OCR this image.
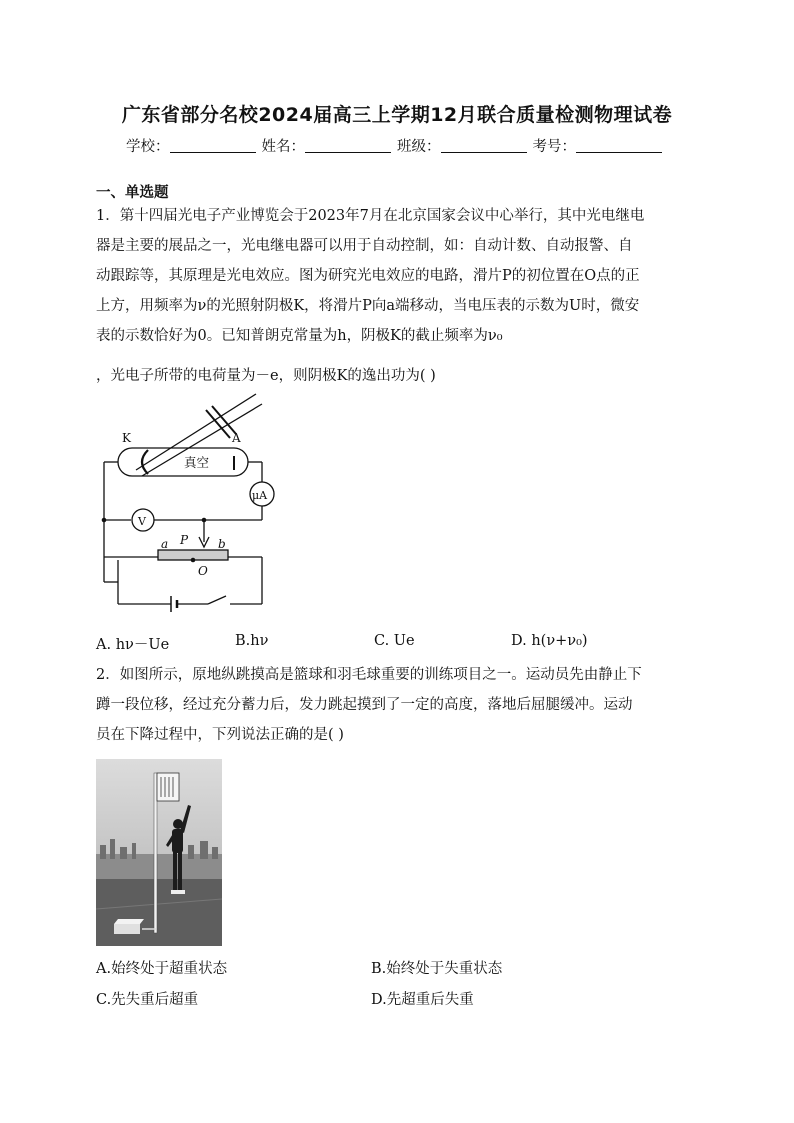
广东省部分名校2024届高三上学期12月联合质量检测物理试卷
学校：	姓名：	班级：	考号：
一、单选题
1．第十四届光电子产业博览会于2023年7月在北京国家会议中心举行，其中光电继电
器是主要的展品之一，光电继电器可以用于自动控制，如：自动计数、自动报警、自
动跟踪等，其原理是光电效应。图为研究光电效应的电路，滑片P的初位置在O点的正
上方，用频率为ν的光照射阴极K，将滑片P向a端移动，当电压表的示数为U时，微安
表的示数恰好为0。已知普朗克常量为h，阴极K的截止频率为ν₀
，光电子所带的电荷量为－e，则阴极K的逸出功为( )
K	A
真空
μA
V
P
a	b
O
A. hν－Ue	B.hν	C. Ue	D. h(ν+ν₀)
2．如图所示，原地纵跳摸高是篮球和羽毛球重要的训练项目之一。运动员先由静止下
蹲一段位移，经过充分蓄力后，发力跳起摸到了一定的高度，落地后屈腿缓冲。运动
员在下降过程中，下列说法正确的是( )
A.始终处于超重状态	B.始终处于失重状态
C.先失重后超重	D.先超重后失重
